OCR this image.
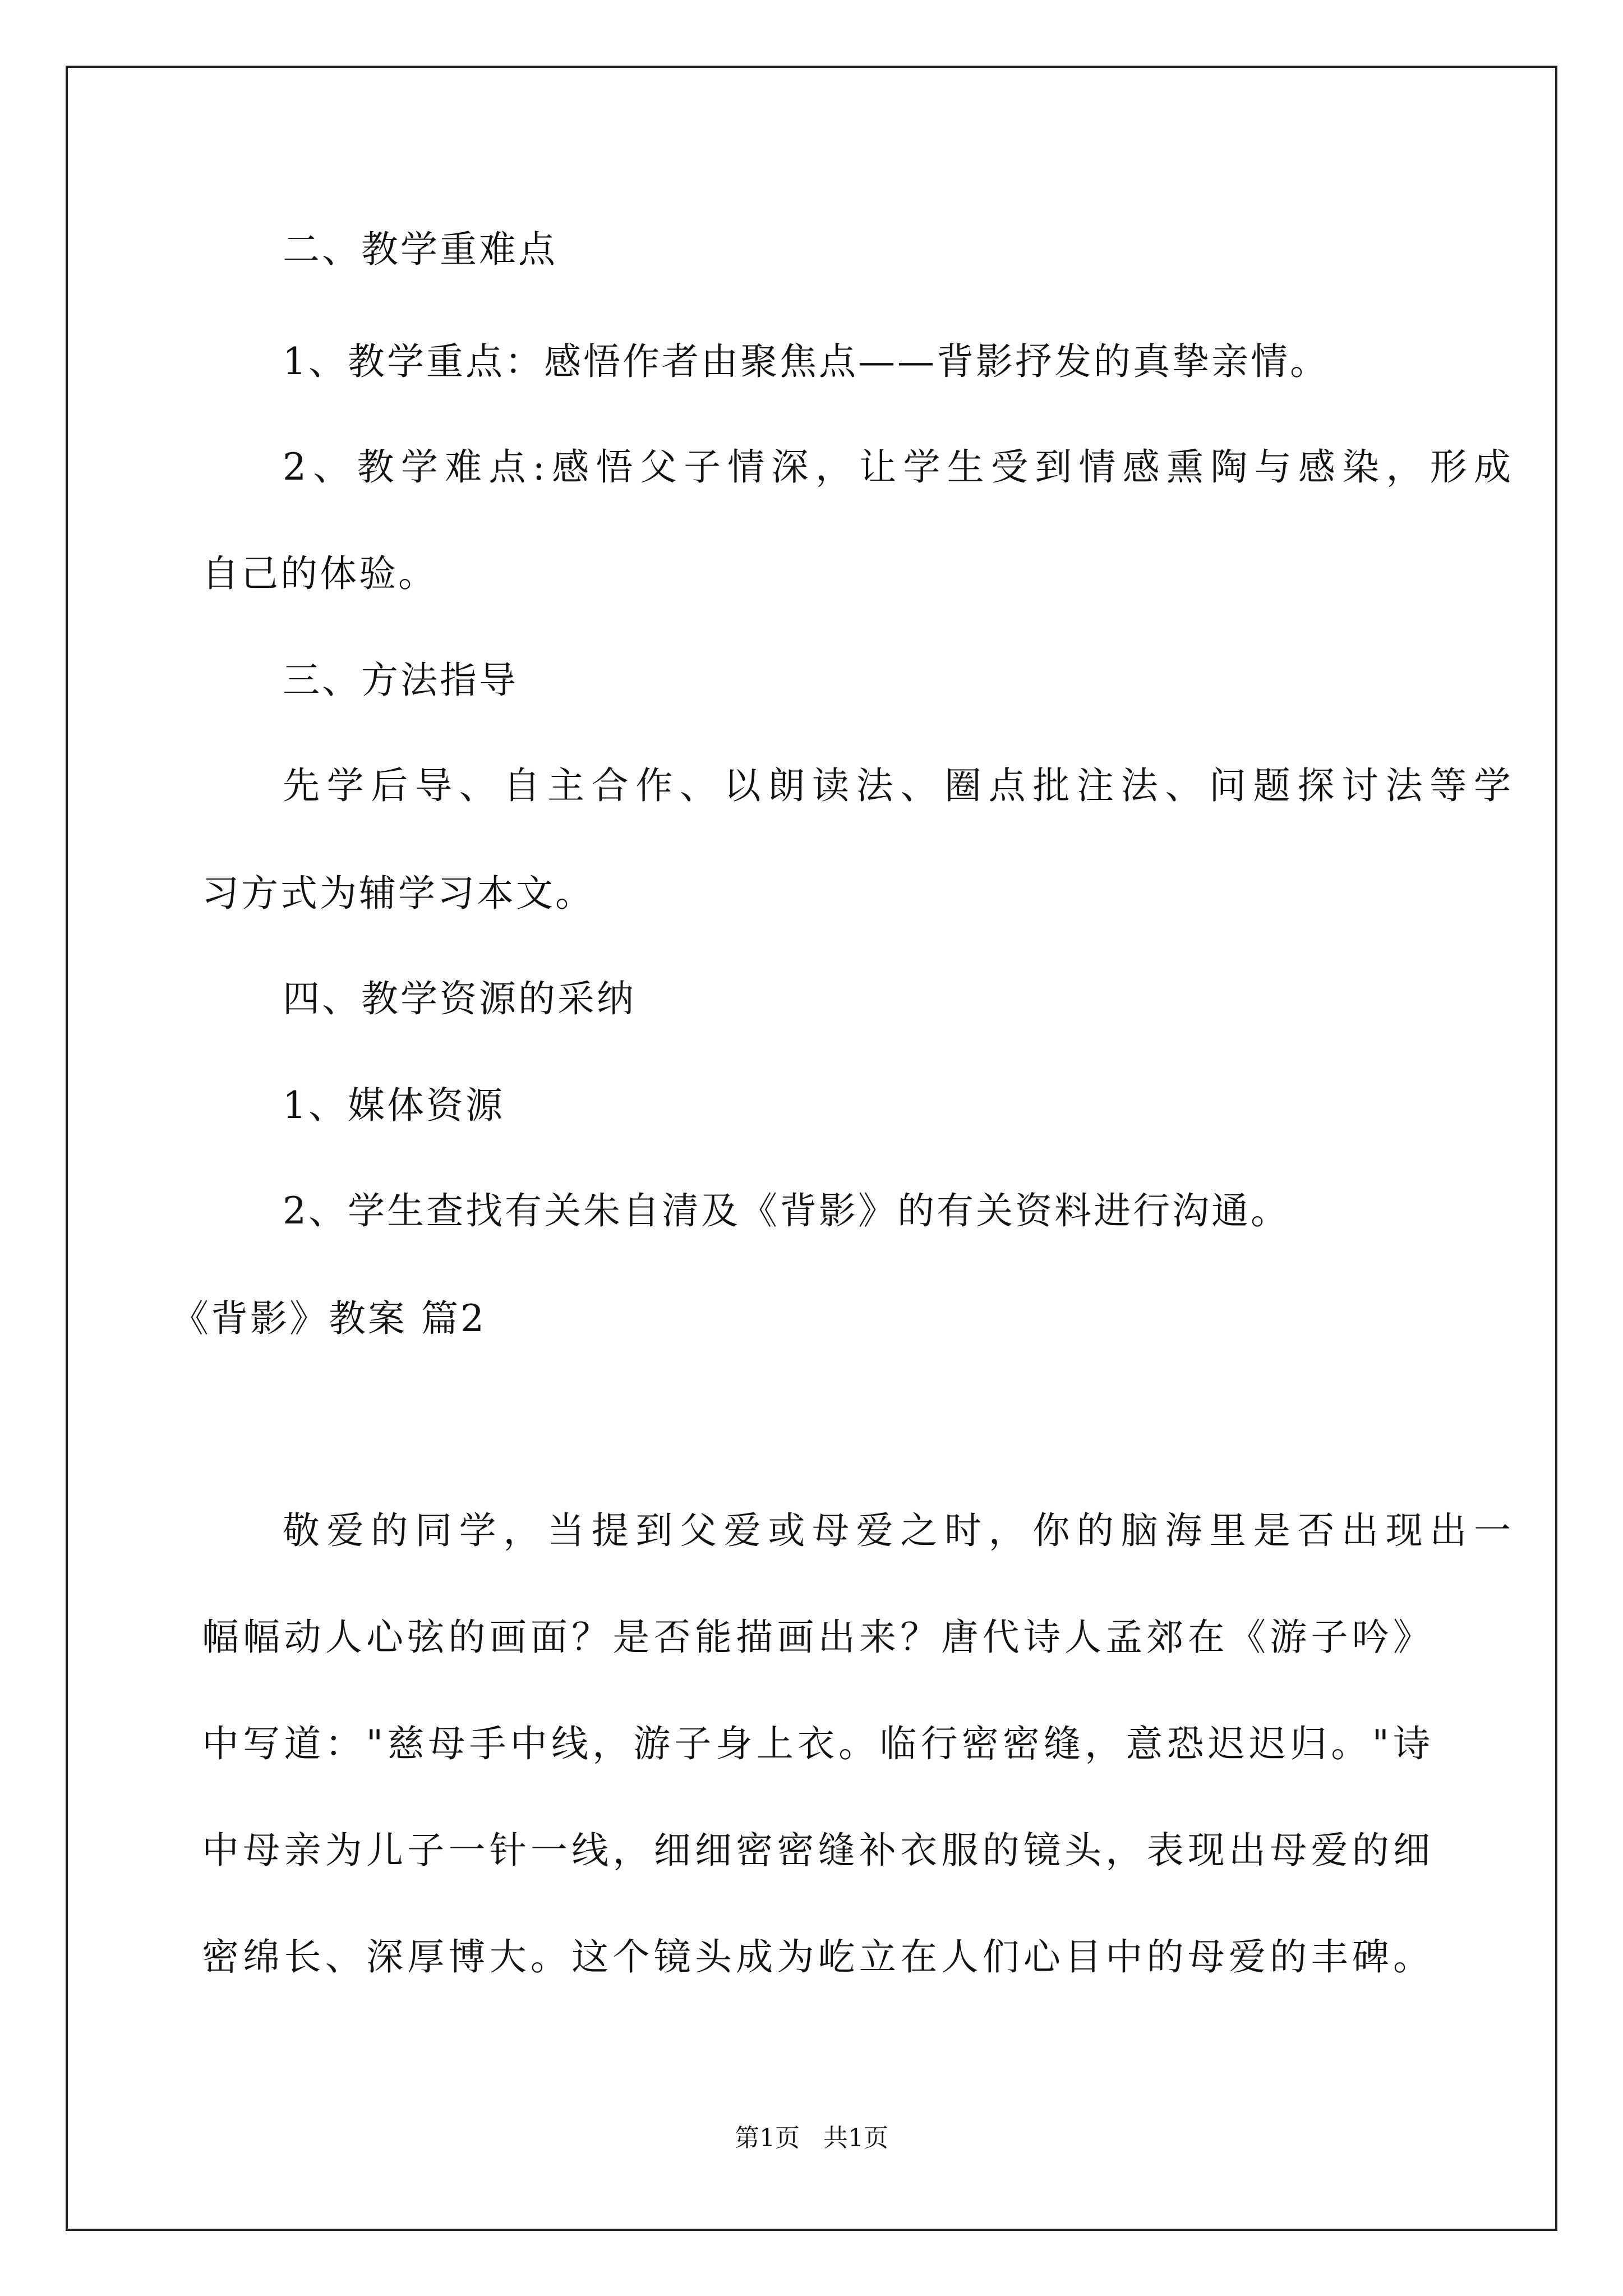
二、教学重难点
1、教学重点：感悟作者由聚焦点——背影抒发的真挚亲情。
2、教学难点:感悟父子情深，让学生受到情感熏陶与感染，形成
自己的体验。
三、方法指导
先学后导、自主合作、以朗读法、圈点批注法、问题探讨法等学
习方式为辅学习本文。
四、教学资源的采纳
1、媒体资源
2、学生查找有关朱自清及《背影》的有关资料进行沟通。
《背影》教案 篇2
敬爱的同学，当提到父爱或母爱之时，你的脑海里是否出现出一
幅幅动人心弦的画面？是否能描画出来？唐代诗人孟郊在《游子吟》
中写道："慈母手中线，游子身上衣。临行密密缝，意恐迟迟归。"诗
中母亲为儿子一针一线，细细密密缝补衣服的镜头，表现出母爱的细
密绵长、深厚博大。这个镜头成为屹立在人们心目中的母爱的丰碑。
第1页   共1页
